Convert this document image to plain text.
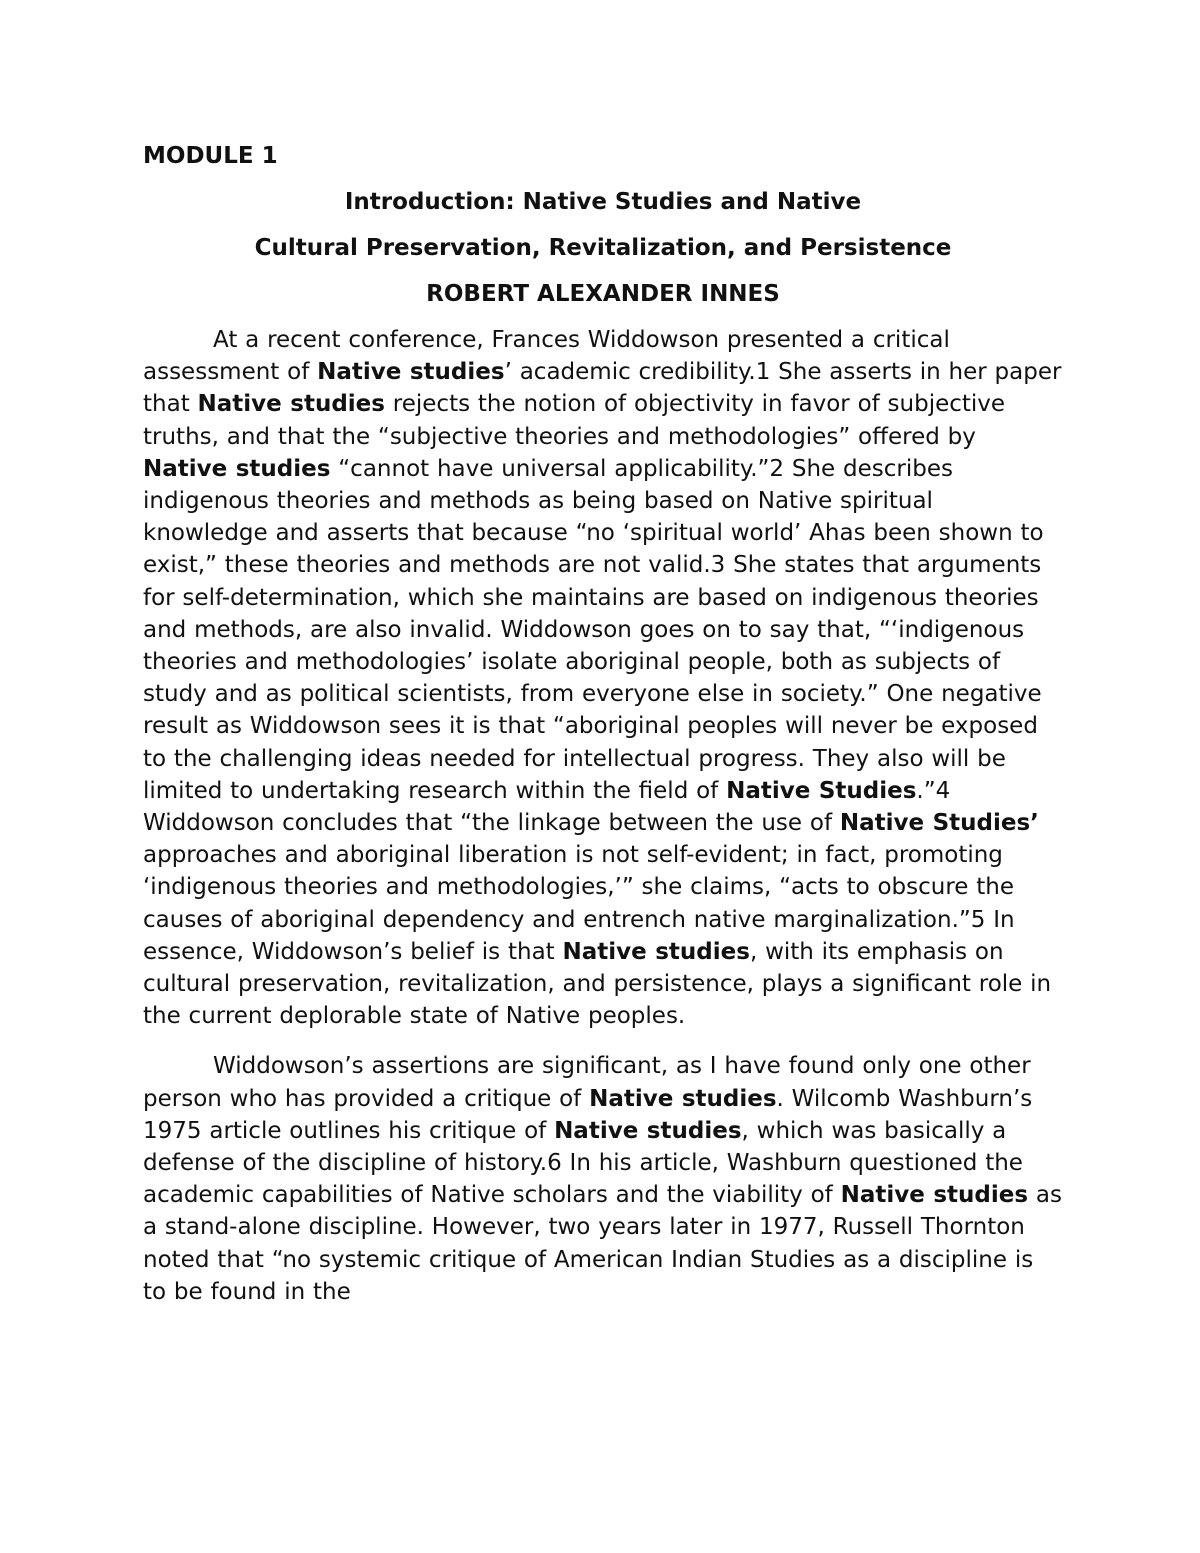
MODULE 1
Introduction: Native Studies and Native
Cultural Preservation, Revitalization, and Persistence
ROBERT ALEXANDER INNES

At a recent conference, Frances Widdowson presented a critical assessment of Native studies’ academic credibility.1 She asserts in her paper that Native studies rejects the notion of objectivity in favor of subjective truths, and that the “subjective theories and methodologies” offered by Native studies “cannot have universal applicability.”2 She describes indigenous theories and methods as being based on Native spiritual knowledge and asserts that because “no ‘spiritual world’ Ahas been shown to exist,” these theories and methods are not valid.3 She states that arguments for self-determination, which she maintains are based on indigenous theories and methods, are also invalid. Widdowson goes on to say that, “‘indigenous theories and methodologies’ isolate aboriginal people, both as subjects of study and as political scientists, from everyone else in society.” One negative result as Widdowson sees it is that “aboriginal peoples will never be exposed to the challenging ideas needed for intellectual progress. They also will be limited to undertaking research within the field of Native Studies.”4 Widdowson concludes that “the linkage between the use of Native Studies’ approaches and aboriginal liberation is not self-evident; in fact, promoting ‘indigenous theories and methodologies,’” she claims, “acts to obscure the causes of aboriginal dependency and entrench native marginalization.”5 In essence, Widdowson’s belief is that Native studies, with its emphasis on cultural preservation, revitalization, and persistence, plays a significant role in the current deplorable state of Native peoples.

Widdowson’s assertions are significant, as I have found only one other person who has provided a critique of Native studies. Wilcomb Washburn’s 1975 article outlines his critique of Native studies, which was basically a defense of the discipline of history.6 In his article, Washburn questioned the academic capabilities of Native scholars and the viability of Native studies as a stand-alone discipline. However, two years later in 1977, Russell Thornton noted that “no systemic critique of American Indian Studies as a discipline is to be found in the
